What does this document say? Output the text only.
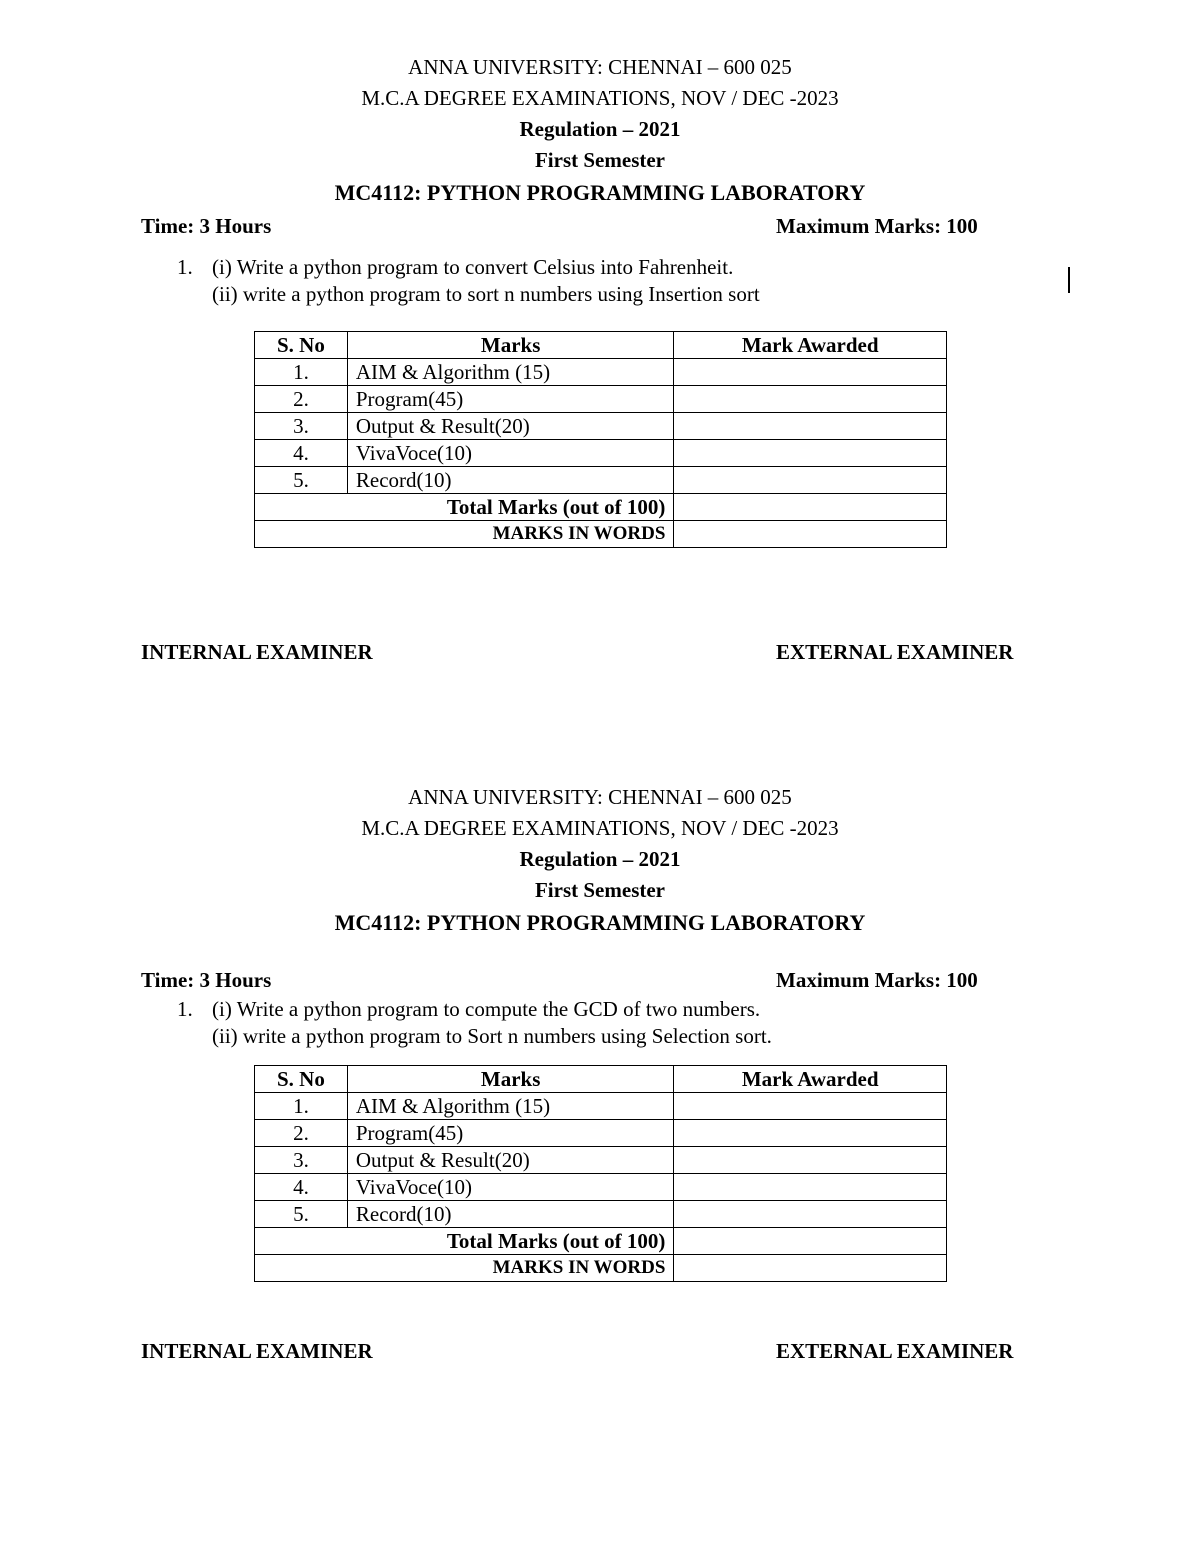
ANNA UNIVERSITY: CHENNAI – 600 025
M.C.A DEGREE EXAMINATIONS, NOV / DEC -2023
Regulation – 2021
First Semester
MC4112: PYTHON PROGRAMMING LABORATORY
Time: 3 Hours	Maximum Marks: 100
1. (i) Write a python program to convert Celsius into Fahrenheit.
(ii) write a python program to sort n numbers using Insertion sort
S. No	Marks	Mark Awarded
1.	AIM & Algorithm (15)	
2.	Program(45)	
3.	Output & Result(20)	
4.	VivaVoce(10)	
5.	Record(10)	
Total Marks (out of 100)		
MARKS IN WORDS		
INTERNAL EXAMINER	EXTERNAL EXAMINER
ANNA UNIVERSITY: CHENNAI – 600 025
M.C.A DEGREE EXAMINATIONS, NOV / DEC -2023
Regulation – 2021
First Semester
MC4112: PYTHON PROGRAMMING LABORATORY
Time: 3 Hours	Maximum Marks: 100
1. (i) Write a python program to compute the GCD of two numbers.
(ii) write a python program to Sort n numbers using Selection sort.
S. No	Marks	Mark Awarded
1.	AIM & Algorithm (15)	
2.	Program(45)	
3.	Output & Result(20)	
4.	VivaVoce(10)	
5.	Record(10)	
Total Marks (out of 100)		
MARKS IN WORDS		
INTERNAL EXAMINER	EXTERNAL EXAMINER
